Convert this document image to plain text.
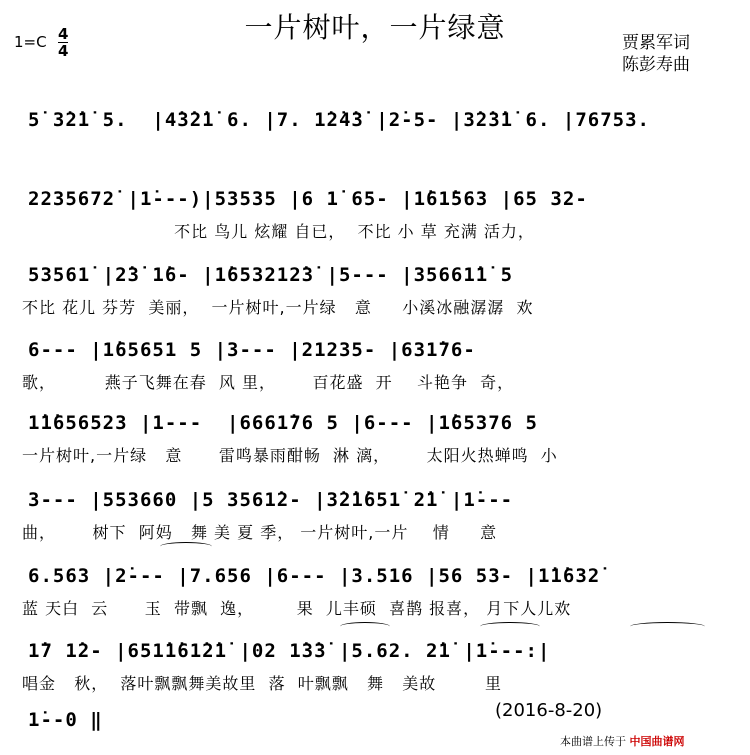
一片树叶，一片绿意
1=C 4
4	贾累军词
陈彭寿曲
5̇ 3̇2̇1̇ 5.  |4̇3̇2̇1̇ 6. |7. 1̇2̇4̇3̇ |2̇-5- |3̇2̇3̇1̇ 6. |76753.
2235672̇ |1̇---)|53535 |6 1̇ 65- |1̇61̇563 |65 32-
不比 鸟儿 炫耀 自已，  不比 小 草 充满 活力，
53561̇ |2̇3̇ 1̇6- |1̇653212̇3̇ |5--- |35661̇1̇ 5
不比 花儿 芬芳  美丽，  一片树叶,一片绿   意     小溪冰融潺潺  欢
6--- |1̇65651 5 |3--- |21235- |631̇76-
歌，        燕子飞舞在春  风 里，      百花盛  开    斗艳争  奇，
1̇1̇656523 |1---  |6661̇76 5 |6--- |1̇65376 5
一片树叶,一片绿   意      雷鸣暴雨酣畅  淋 漓，      太阳火热蝉鸣  小
3--- |553660 |5 3561̇2- |3̇2̇1̇651̇ 2̇1̇ |1̇---
曲，      树下  阿妈   舞 美 夏 季， 一片树叶,一片    情     意
6.563 |2̇--- |7.656 |6--- |3.516 |56 53- |1̇1̇632̇
蓝 天白  云      玉  带飘  逸，       果  儿丰硕  喜鹊 报喜， 月下人儿欢
1̇7 1̇2- |651̇1̇61̇2̇1̇ |02 1̇3̇3̇ |5.62. 2̇1̇ |1̇---:|
唱金   秋，  落叶飘飘舞美故里  落  叶飘飘   舞   美故        里
1̇--0 ‖	(2016-8-20)
本曲谱上传于 中国曲谱网
